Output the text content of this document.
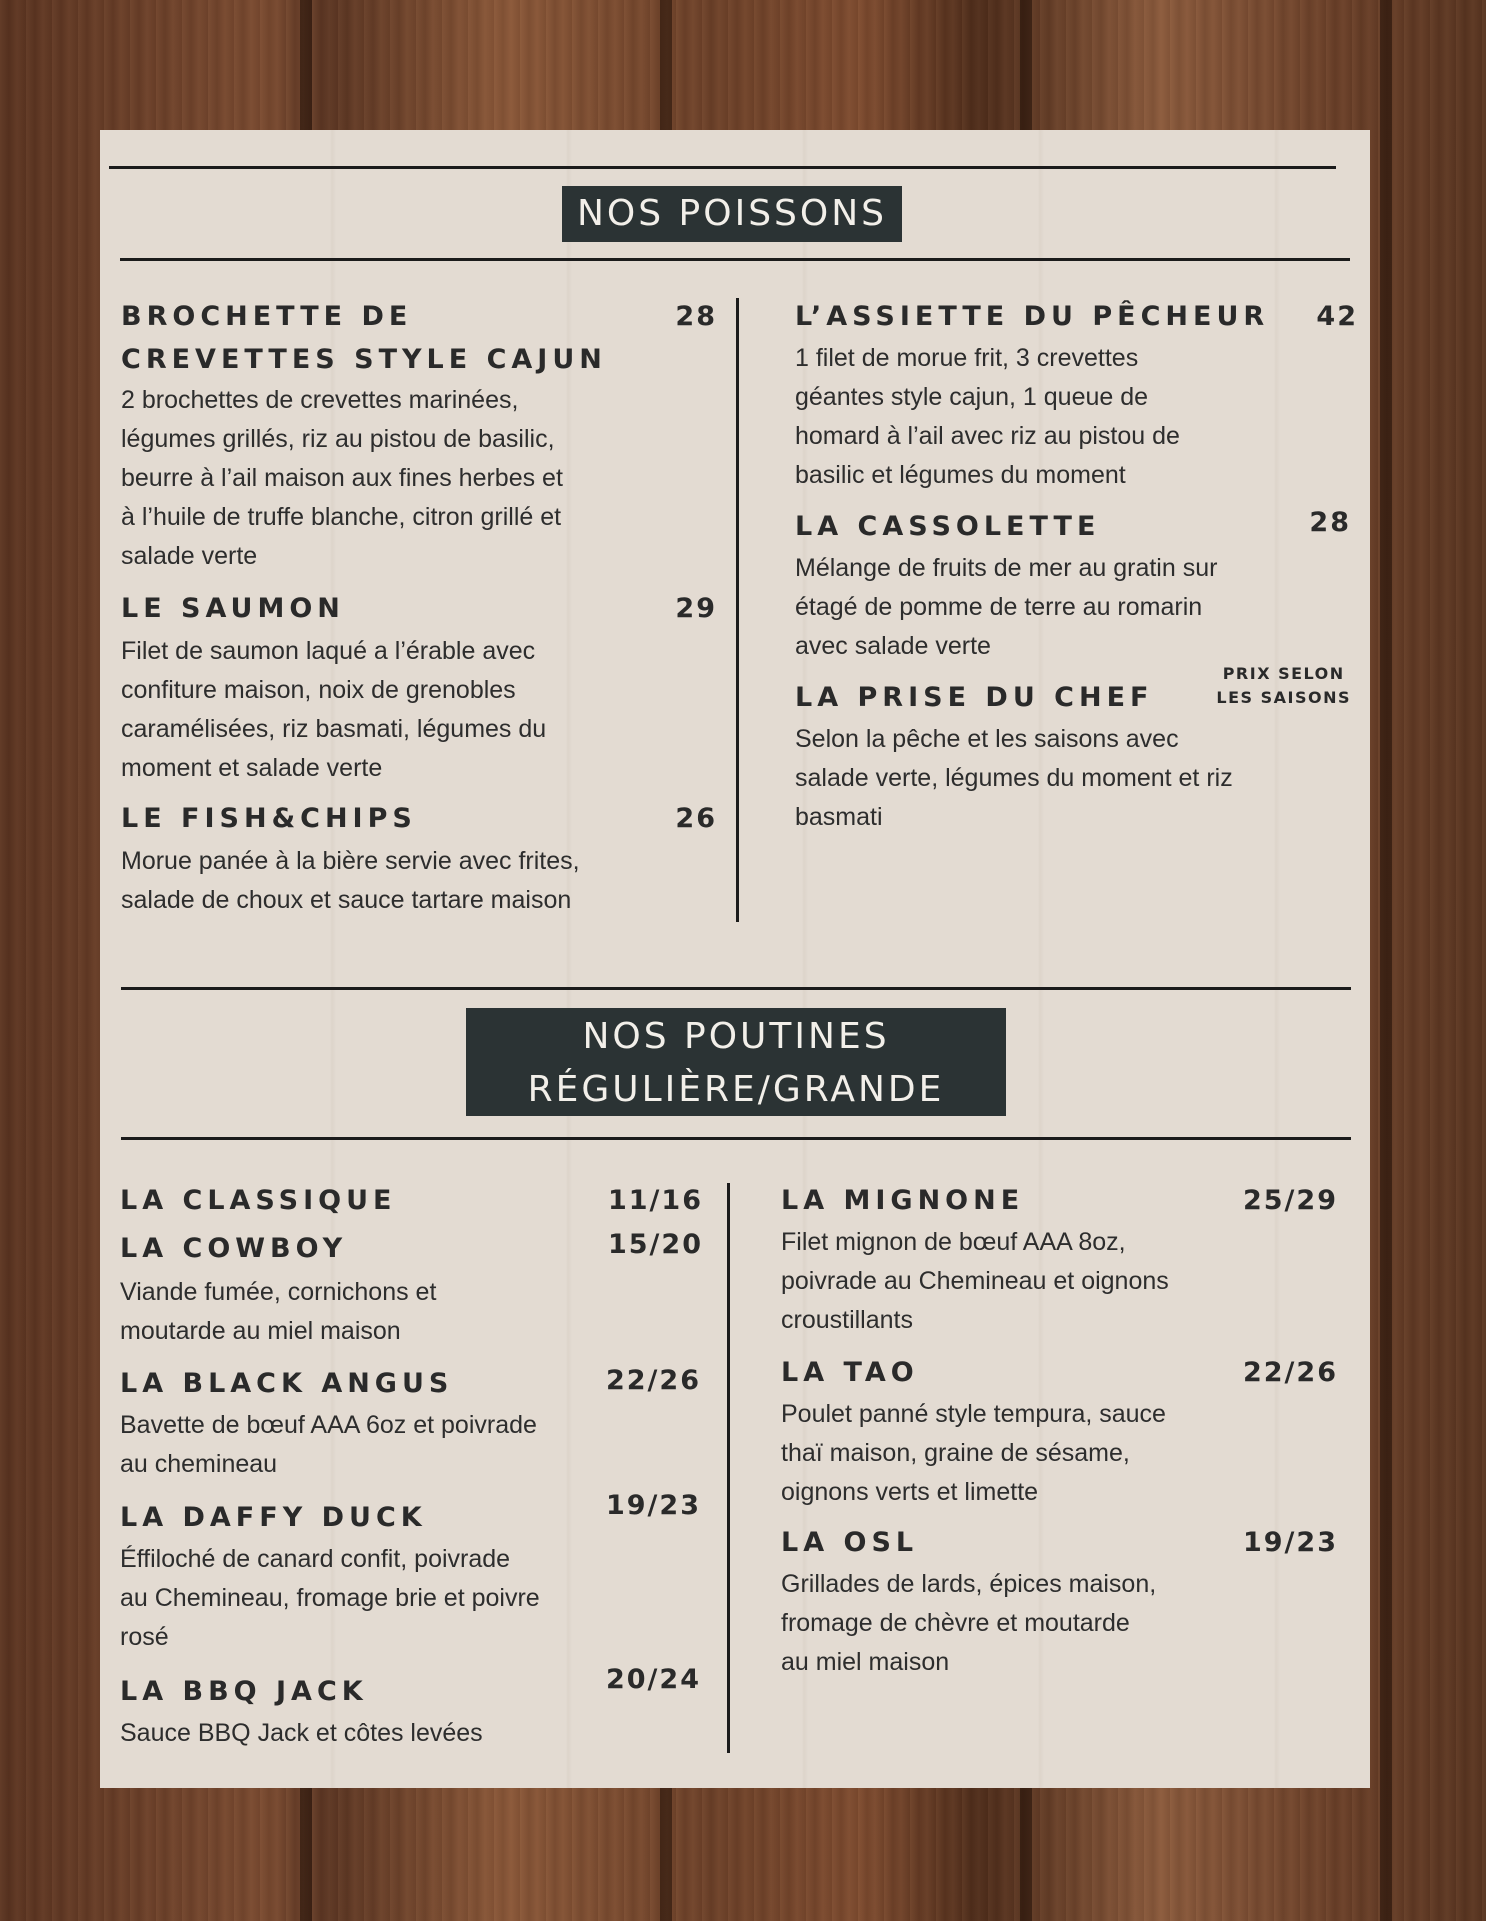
NOS POISSONS
BROCHETTE DE
CREVETTES STYLE CAJUN
28
2 brochettes de crevettes marinées,
légumes grillés, riz au pistou de basilic,
beurre à l’ail maison aux fines herbes et
à l’huile de truffe blanche, citron grillé et
salade verte
LE SAUMON	29
Filet de saumon laqué a l’érable avec
confiture maison, noix de grenobles
caramélisées, riz basmati, légumes du
moment et salade verte
LE FISH&CHIPS	26
Morue panée à la bière servie avec frites,
salade de choux et sauce tartare maison
L’ASSIETTE DU PÊCHEUR 42
1 filet de morue frit, 3 crevettes
géantes style cajun, 1 queue de
homard à l’ail avec riz au pistou de
basilic et légumes du moment
LA CASSOLETTE	28
Mélange de fruits de mer au gratin sur
étagé de pomme de terre au romarin
avec salade verte
LA PRISE DU CHEF
PRIX SELON
LES SAISONS
Selon la pêche et les saisons avec
salade verte, légumes du moment et riz
basmati
NOS POUTINES
RÉGULIÈRE/GRANDE
LA CLASSIQUE	11/16
LA COWBOY	15/20
Viande fumée, cornichons et
moutarde au miel maison
LA BLACK ANGUS	22/26
Bavette de bœuf AAA 6oz et poivrade
au chemineau
LA DAFFY DUCK	19/23
Éffiloché de canard confit, poivrade
au Chemineau, fromage brie et poivre
rosé
LA BBQ JACK	20/24
Sauce BBQ Jack et côtes levées
LA MIGNONE	25/29
Filet mignon de bœuf AAA 8oz,
poivrade au Chemineau et oignons
croustillants
LA TAO	22/26
Poulet panné style tempura, sauce
thaï maison, graine de sésame,
oignons verts et limette
LA OSL	19/23
Grillades de lards, épices maison,
fromage de chèvre et moutarde
au miel maison
